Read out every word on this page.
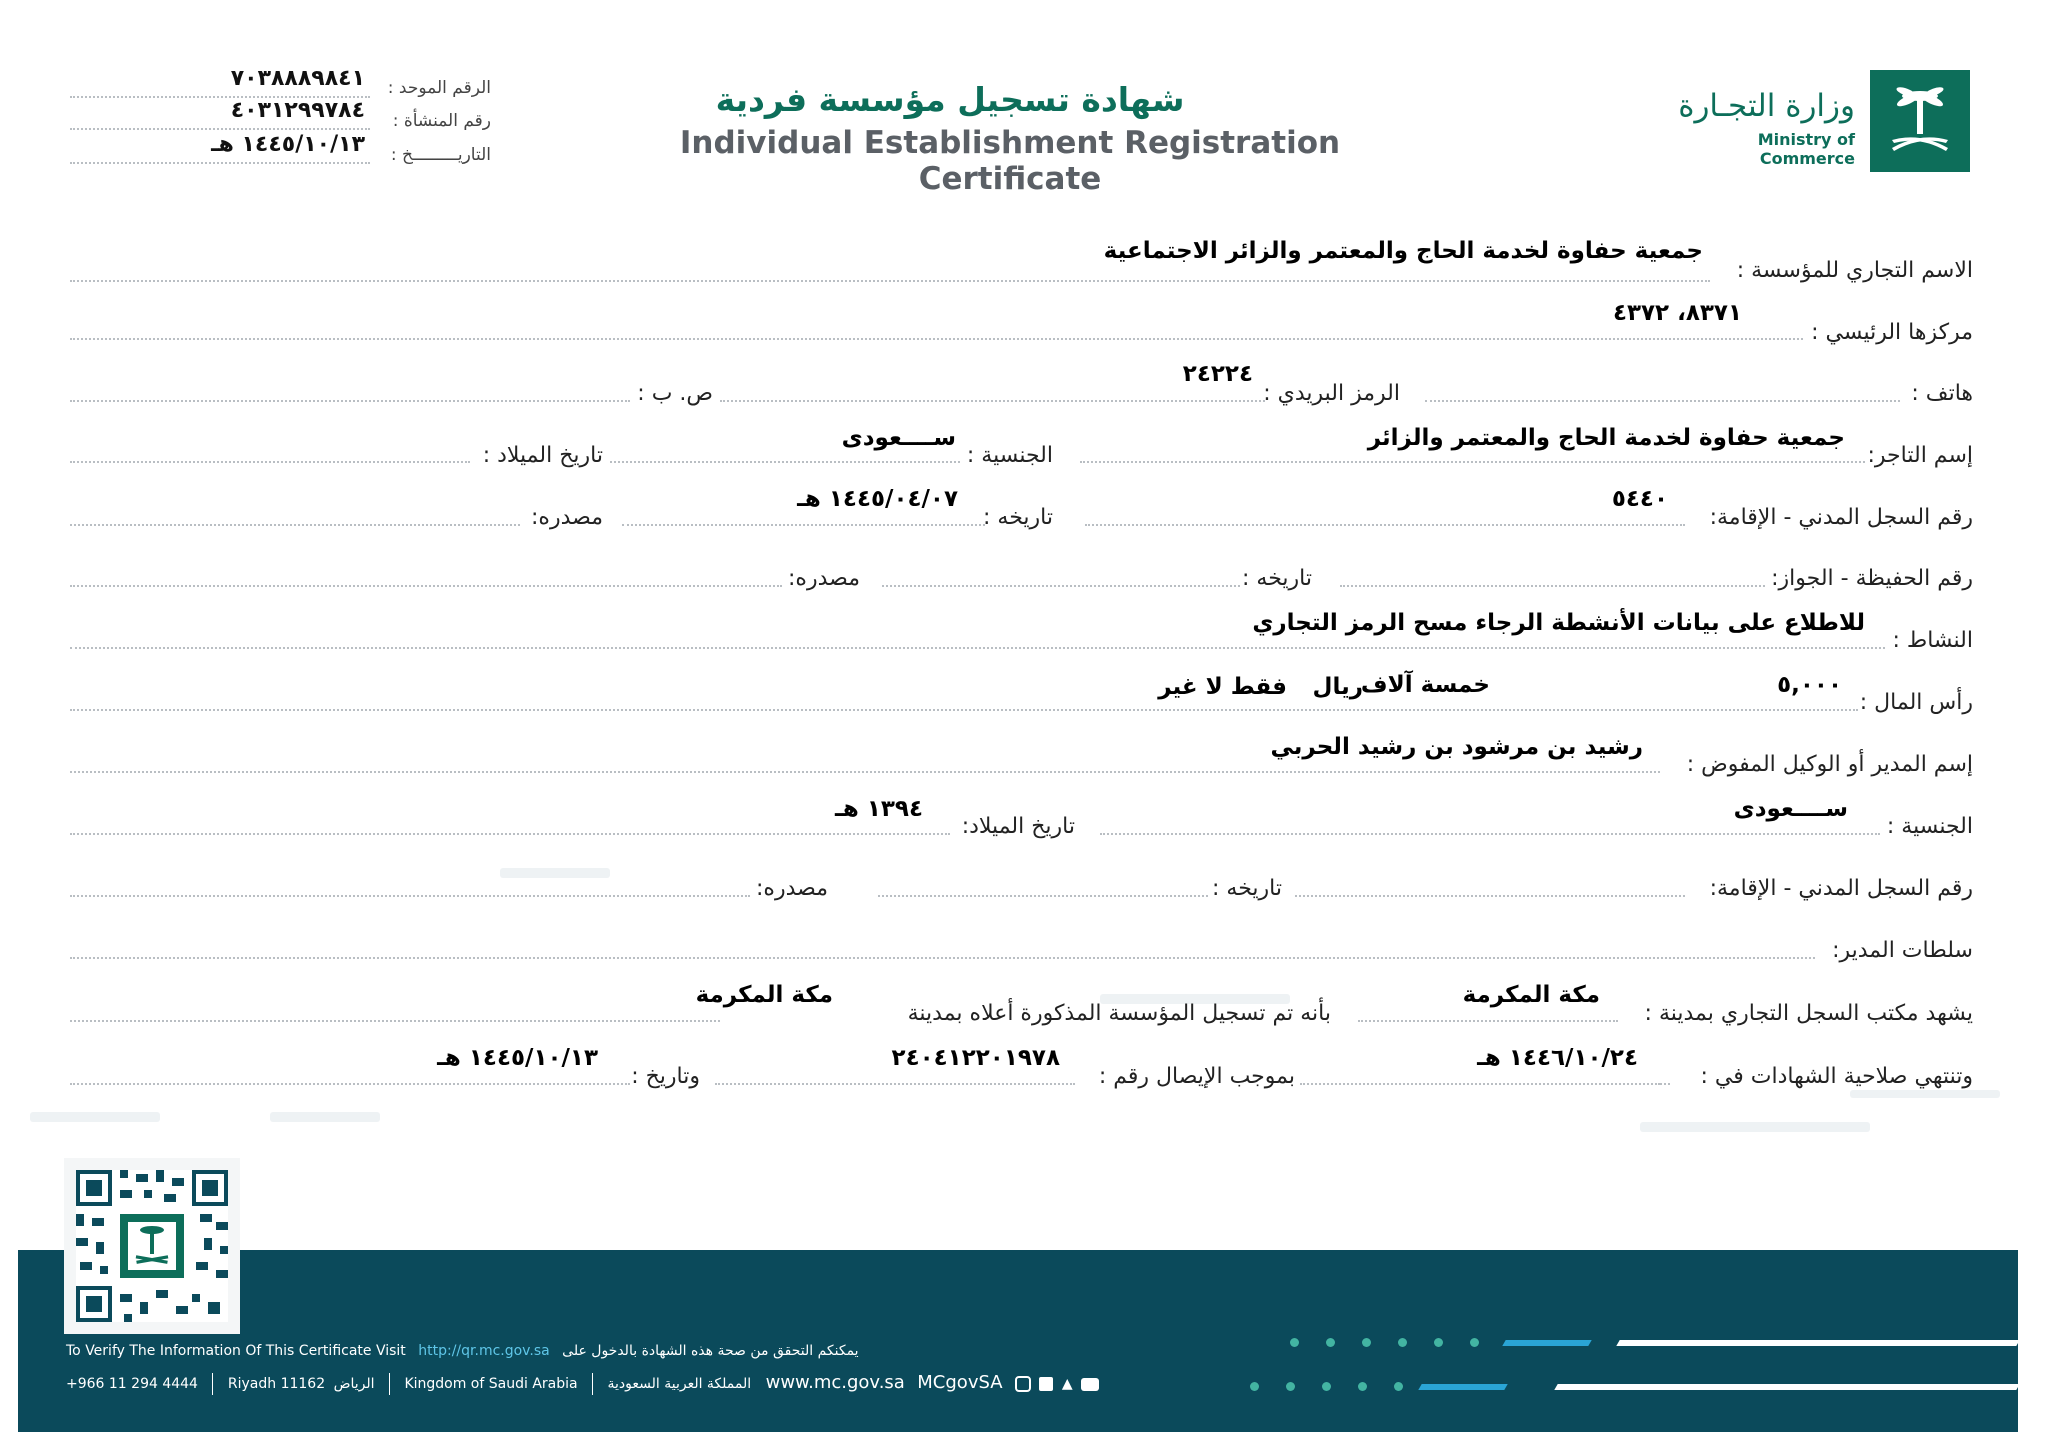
وزارة التجـارة
Ministry of Commerce
شهادة تسجيل مؤسسة فردية
Individual Establishment Registration Certificate
الرقم الموحد :
٧٠٣٨٨٨٩٨٤١
رقم المنشأة :
٤٠٣١٢٩٩٧٨٤
التاريـــــــــخ :
١٤٤٥/١٠/١٣ هـ
الاسم التجاري للمؤسسة :
جمعية حفاوة لخدمة الحاج والمعتمر والزائر الاجتماعية
مركزها الرئيسي :
٨٣٧١، ٤٣٧٢
هاتف :
الرمز البريدي :
٢٤٢٢٤
ص. ب :
إسم التاجر:
جمعية حفاوة لخدمة الحاج والمعتمر والزائر
الجنسية :
ســــعودى
تاريخ الميلاد :
رقم السجل المدني - الإقامة:
٥٤٤٠
تاريخه :
١٤٤٥/٠٤/٠٧ هـ
مصدره:
رقم الحفيظة - الجواز:
تاريخه :
مصدره:
النشاط :
للاطلاع على بيانات الأنشطة الرجاء مسح الرمز التجاري
رأس المال :
٥,٠٠٠
خمسة آلاف
ريال
فقط لا غير
إسم المدير أو الوكيل المفوض :
رشيد بن مرشود بن رشيد الحربي
الجنسية :
ســــعودى
تاريخ الميلاد:
١٣٩٤ هـ
رقم السجل المدني - الإقامة:
تاريخه :
مصدره:
سلطات المدير:
يشهد مكتب السجل التجاري بمدينة :
مكة المكرمة
بأنه تم تسجيل المؤسسة المذكورة أعلاه بمدينة
مكة المكرمة
وتنتهي صلاحية الشهادات في :
١٤٤٦/١٠/٢٤ هـ
بموجب الإيصال رقم :
٢٤٠٤١٢٢٠١٩٧٨
وتاريخ :
١٤٤٥/١٠/١٣ هـ
To Verify The Information Of This Certificate Visit http://qr.mc.gov.sa يمكنكم التحقق من صحة هذه الشهادة بالدخول على
+966 11 294 4444 Riyadh 11162 الرياض Kingdom of Saudi Arabia المملكة العربية السعودية www.mc.gov.sa MCgovSA	▲
